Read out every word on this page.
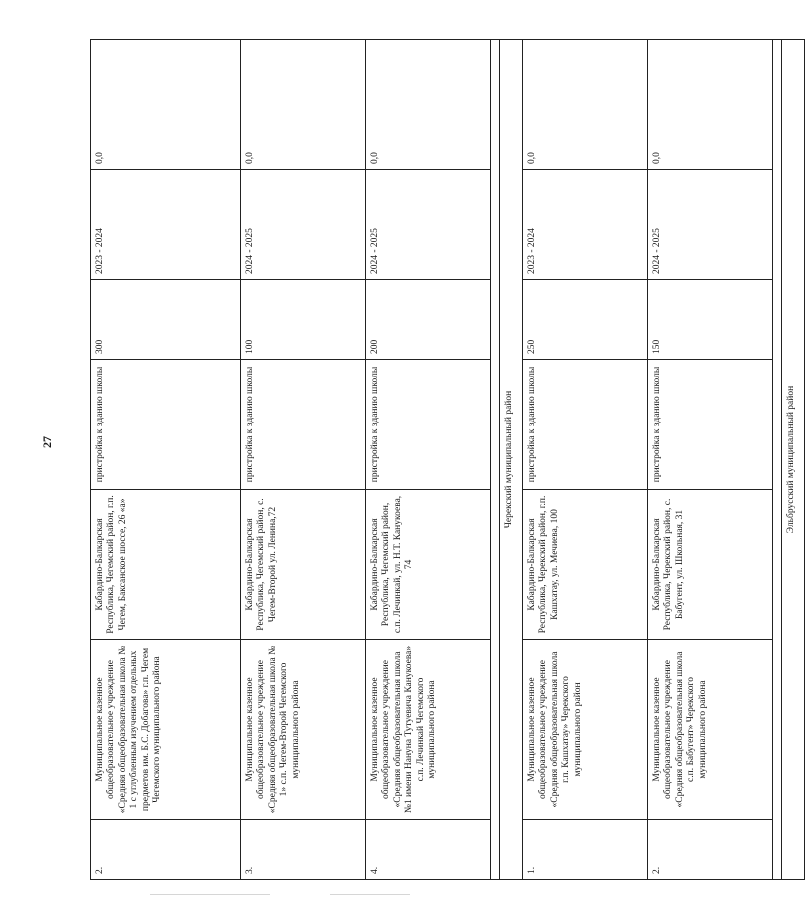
27
2.	Муниципальное казенное общеобразовательное учреждение «Средняя общеобразовательная школа № 1 с углубленным изучением отдельных предметов им. Б.С. Добагова» г.п. Чегем Чегемского муниципального района	Кабардино-Балкарская Республика, Чегемский район, г.п. Чегем, Баксанское шоссе, 26 «а»	пристройка к зданию школы	300	2023 - 2024	0,0
3.	Муниципальное казенное общеобразовательное учреждение «Средняя общеобразовательная школа № 1» с.п. Чегем-Второй Чегемского муниципального района	Кабардино-Балкарская Республика, Чегемский район, с. Чегем-Второй ул. Ленина,72	пристройка к зданию школы	100	2024 - 2025	0,0
4.	Муниципальное казенное общеобразовательное учреждение «Средняя общеобразовательная школа №1 имени Нануна Тутуевича Канукоева» с.п. Лечинкай Чегемского муниципального района	Кабардино-Балкарская Республика, Чегемский район, с.п. Лечинкай, ул. Н.Т. Канукоева, 74	пристройка к зданию школы	200	2024 - 2025	0,0

Черекский муниципальный район						
1.	Муниципальное казенное общеобразовательное учреждение «Средняя общеобразовательная школа г.п. Кашхатау» Черекского муниципального район	Кабардино-Балкарская Республика, Черекский район, г.п. Кашхатау, ул. Мечиева, 100	пристройка к зданию школы	250	2023 - 2024	0,0
2.	Муниципальное казенное общеобразовательное учреждение «Средняя общеобразовательная школа с.п. Бабугент» Черекского муниципального района	Кабардино-Балкарская Республика, Черекский район, с. Бабугент, ул. Школьная, 31	пристройка к зданию школы	150	2024 - 2025	0,0

Эльбрусский муниципальный район						
